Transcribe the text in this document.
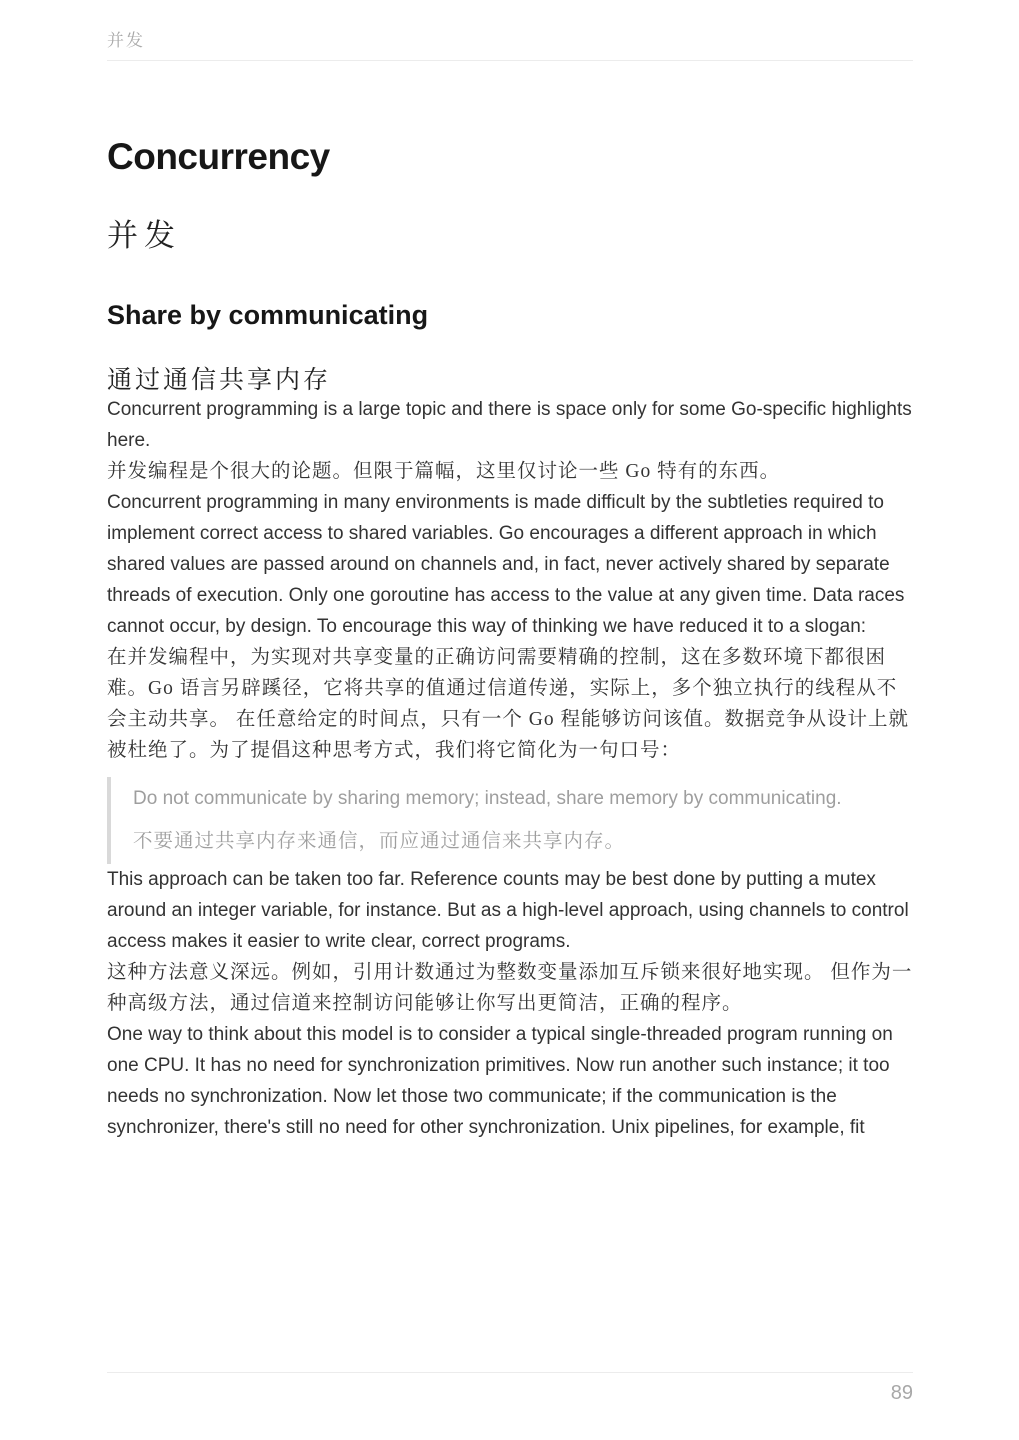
并发
Concurrency
并发
Share by communicating
通过通信共享内存

Concurrent programming is a large topic and there is space only for some Go-specific highlights here.

并发编程是个很大的论题。但限于篇幅，这里仅讨论一些 Go 特有的东西。

Concurrent programming in many environments is made difficult by the subtleties required to implement correct access to shared variables. Go encourages a different approach in which shared values are passed around on channels and, in fact, never actively shared by separate threads of execution. Only one goroutine has access to the value at any given time. Data races cannot occur, by design. To encourage this way of thinking we have reduced it to a slogan:

在并发编程中，为实现对共享变量的正确访问需要精确的控制，这在多数环境下都很困难。Go 语言另辟蹊径，它将共享的值通过信道传递，实际上，多个独立执行的线程从不会主动共享。 在任意给定的时间点，只有一个 Go 程能够访问该值。数据竞争从设计上就被杜绝了。为了提倡这种思考方式，我们将它简化为一句口号：

Do not communicate by sharing memory; instead, share memory by communicating.

不要通过共享内存来通信，而应通过通信来共享内存。

This approach can be taken too far. Reference counts may be best done by putting a mutex around an integer variable, for instance. But as a high-level approach, using channels to control access makes it easier to write clear, correct programs.

这种方法意义深远。例如，引用计数通过为整数变量添加互斥锁来很好地实现。 但作为一种高级方法，通过信道来控制访问能够让你写出更简洁，正确的程序。

One way to think about this model is to consider a typical single-threaded program running on one CPU. It has no need for synchronization primitives. Now run another such instance; it too needs no synchronization. Now let those two communicate; if the communication is the synchronizer, there's still no need for other synchronization. Unix pipelines, for example, fit

89
